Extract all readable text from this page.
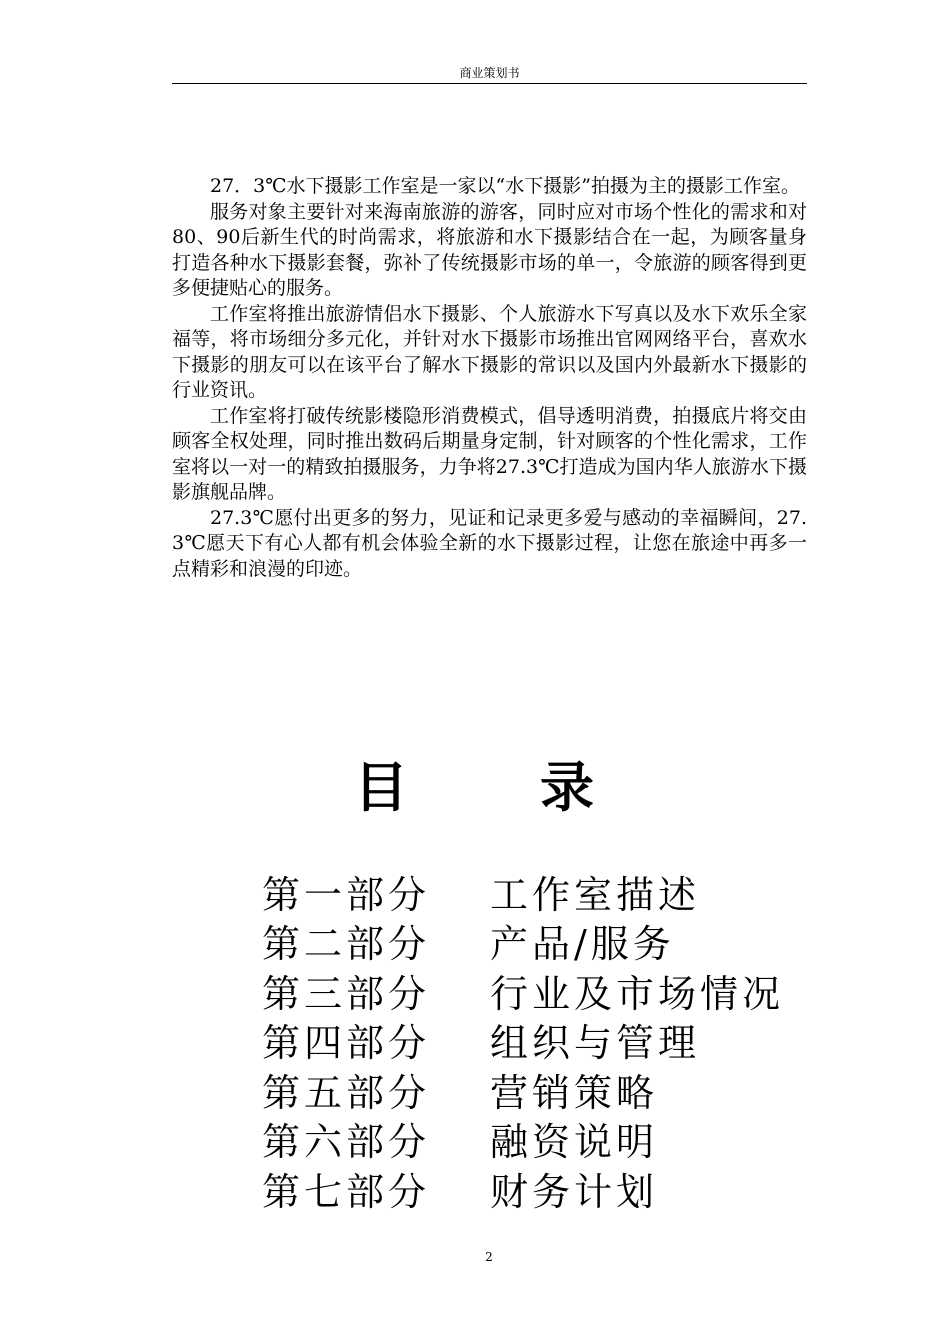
商业策划书

27．3℃水下摄影工作室是一家以“水下摄影”拍摄为主的摄影工作室。

服务对象主要针对来海南旅游的游客，同时应对市场个性化的需求和对80、90后新生代的时尚需求，将旅游和水下摄影结合在一起，为顾客量身打造各种水下摄影套餐，弥补了传统摄影市场的单一，令旅游的顾客得到更多便捷贴心的服务。

工作室将推出旅游情侣水下摄影、个人旅游水下写真以及水下欢乐全家福等，将市场细分多元化，并针对水下摄影市场推出官网网络平台，喜欢水下摄影的朋友可以在该平台了解水下摄影的常识以及国内外最新水下摄影的行业资讯。

工作室将打破传统影楼隐形消费模式，倡导透明消费，拍摄底片将交由顾客全权处理，同时推出数码后期量身定制，针对顾客的个性化需求，工作室将以一对一的精致拍摄服务，力争将27.3℃打造成为国内华人旅游水下摄影旗舰品牌。

27.3℃愿付出更多的努力，见证和记录更多爱与感动的幸福瞬间，27.3℃愿天下有心人都有机会体验全新的水下摄影过程，让您在旅途中再多一点精彩和浪漫的印迹。

目 录
第一部分	工作室描述
第二部分	产品/服务
第三部分	行业及市场情况
第四部分	组织与管理
第五部分	营销策略
第六部分	融资说明
第七部分	财务计划
2
